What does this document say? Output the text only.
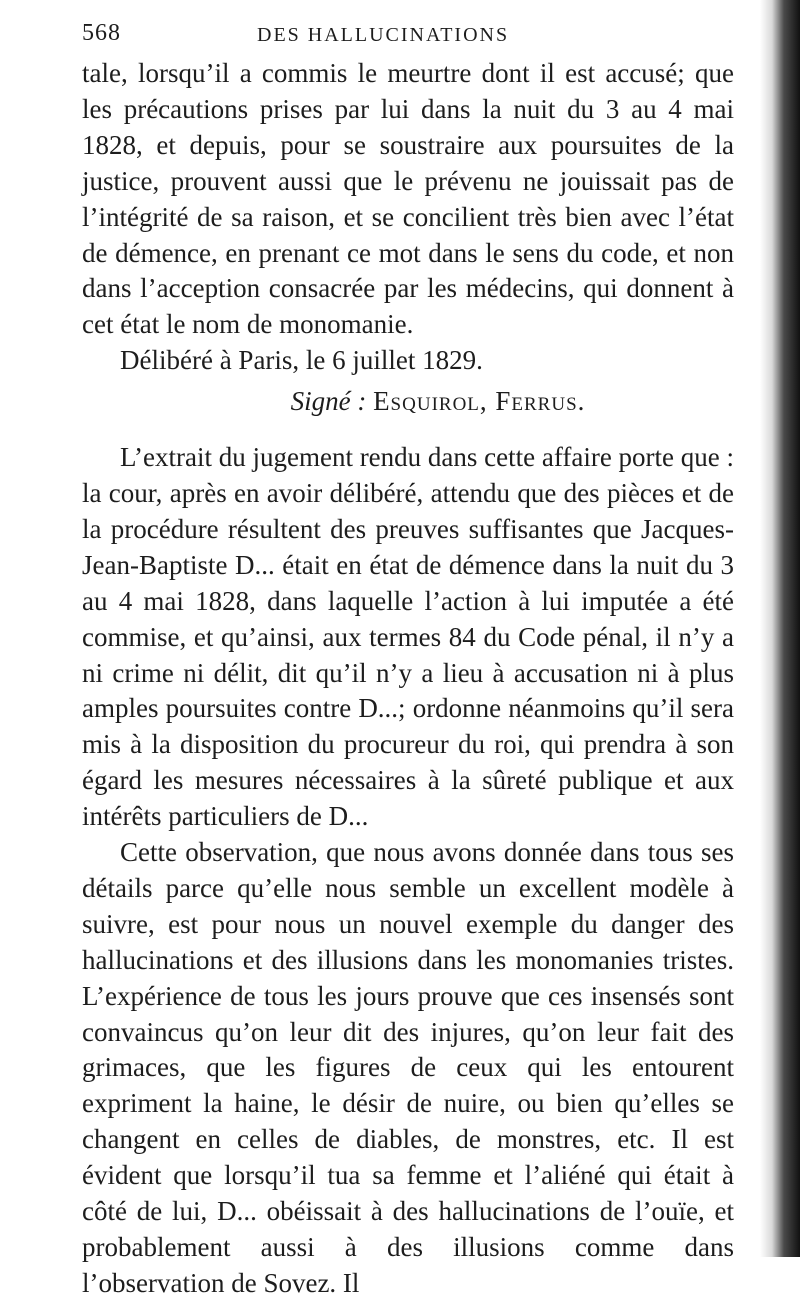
568	DES HALLUCINATIONS

tale, lorsqu’il a commis le meurtre dont il est accusé; que les précautions prises par lui dans la nuit du 3 au 4 mai 1828, et depuis, pour se soustraire aux poursuites de la justice, prouvent aussi que le prévenu ne jouissait pas de l’intégrité de sa raison, et se concilient très bien avec l’état de démence, en prenant ce mot dans le sens du code, et non dans l’acception consacrée par les médecins, qui donnent à cet état le nom de monomanie.

Délibéré à Paris, le 6 juillet 1829.

Signé : Esquirol, Ferrus.

L’extrait du jugement rendu dans cette affaire porte que : la cour, après en avoir délibéré, attendu que des pièces et de la procédure résultent des preuves suffisantes que Jacques-Jean-Baptiste D... était en état de démence dans la nuit du 3 au 4 mai 1828, dans laquelle l’action à lui imputée a été commise, et qu’ainsi, aux termes 84 du Code pénal, il n’y a ni crime ni délit, dit qu’il n’y a lieu à accusation ni à plus amples poursuites contre D...; ordonne néanmoins qu’il sera mis à la disposition du procureur du roi, qui prendra à son égard les mesures nécessaires à la sûreté publique et aux intérêts particuliers de D...

Cette observation, que nous avons donnée dans tous ses détails parce qu’elle nous semble un excellent modèle à suivre, est pour nous un nouvel exemple du danger des hallucinations et des illusions dans les monomanies tristes. L’expérience de tous les jours prouve que ces insensés sont convaincus qu’on leur dit des injures, qu’on leur fait des grimaces, que les figures de ceux qui les entourent expriment la haine, le désir de nuire, ou bien qu’elles se changent en celles de diables, de monstres, etc. Il est évident que lorsqu’il tua sa femme et l’aliéné qui était à côté de lui, D... obéissait à des hallucinations de l’ouïe, et probablement aussi à des illusions comme dans l’observation de Sovez. Il
